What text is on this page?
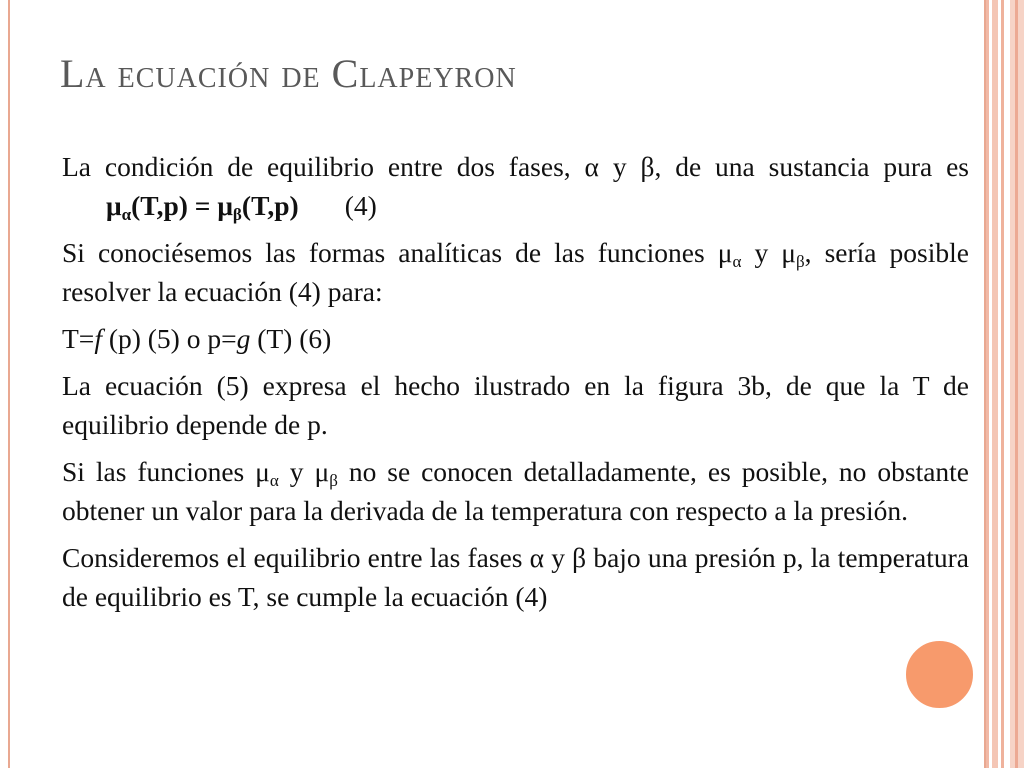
La ecuación de Clapeyron

La condición de equilibrio entre dos fases, α y β, de una sustancia pura es μα(T,p) = μβ(T,p) (4)

Si conociésemos las formas analíticas de las funciones μα y μβ, sería posible resolver la ecuación (4) para:

T=f (p) (5) o p=g (T) (6)

La ecuación (5) expresa el hecho ilustrado en la figura 3b, de que la T de equilibrio depende de p.

Si las funciones μα y μβ no se conocen detalladamente, es posible, no obstante obtener un valor para la derivada de la temperatura con respecto a la presión.

Consideremos el equilibrio entre las fases α y β bajo una presión p, la temperatura de equilibrio es T, se cumple la ecuación (4)
